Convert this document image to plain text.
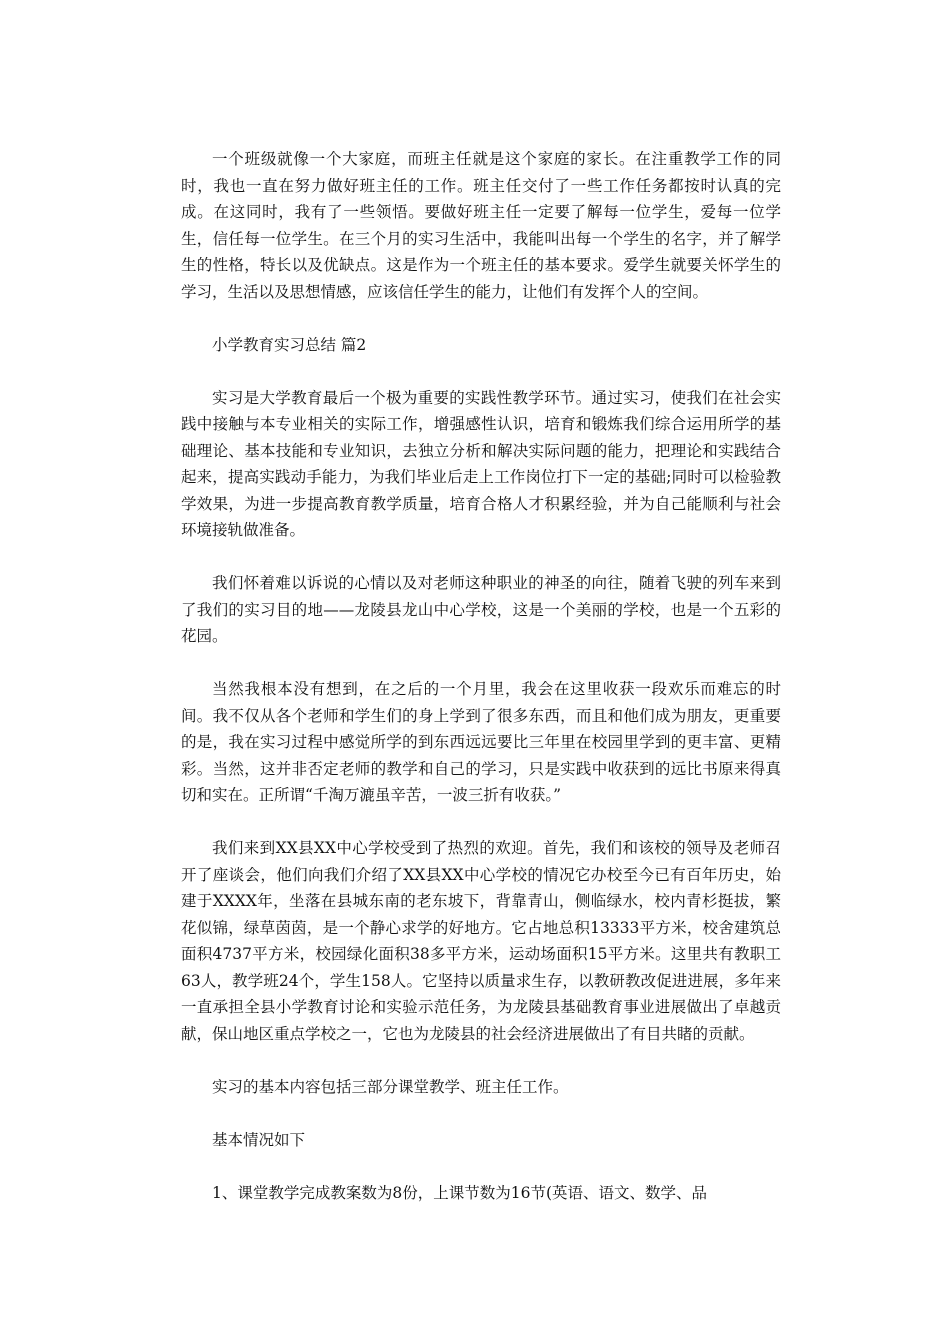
一个班级就像一个大家庭，而班主任就是这个家庭的家长。在注重教学工作的同时，我也一直在努力做好班主任的工作。班主任交付了一些工作任务都按时认真的完成。在这同时，我有了一些领悟。要做好班主任一定要了解每一位学生，爱每一位学生，信任每一位学生。在三个月的实习生活中，我能叫出每一个学生的名字，并了解学生的性格，特长以及优缺点。这是作为一个班主任的基本要求。爱学生就要关怀学生的学习，生活以及思想情感，应该信任学生的能力，让他们有发挥个人的空间。

小学教育实习总结 篇2

实习是大学教育最后一个极为重要的实践性教学环节。通过实习，使我们在社会实践中接触与本专业相关的实际工作，增强感性认识，培育和锻炼我们综合运用所学的基础理论、基本技能和专业知识，去独立分析和解决实际问题的能力，把理论和实践结合起来，提高实践动手能力，为我们毕业后走上工作岗位打下一定的基础;同时可以检验教学效果，为进一步提高教育教学质量，培育合格人才积累经验，并为自己能顺利与社会环境接轨做准备。

我们怀着难以诉说的心情以及对老师这种职业的神圣的向往，随着飞驶的列车来到了我们的实习目的地——龙陵县龙山中心学校，这是一个美丽的学校，也是一个五彩的花园。

当然我根本没有想到，在之后的一个月里，我会在这里收获一段欢乐而难忘的时间。我不仅从各个老师和学生们的身上学到了很多东西，而且和他们成为朋友，更重要的是，我在实习过程中感觉所学的到东西远远要比三年里在校园里学到的更丰富、更精彩。当然，这并非否定老师的教学和自己的学习，只是实践中收获到的远比书原来得真切和实在。正所谓“千淘万漉虽辛苦，一波三折有收获。”

我们来到XX县XX中心学校受到了热烈的欢迎。首先，我们和该校的领导及老师召开了座谈会，他们向我们介绍了XX县XX中心学校的情况它办校至今已有百年历史，始建于XXXX年，坐落在县城东南的老东坡下，背靠青山，侧临绿水，校内青杉挺拔，繁花似锦，绿草茵茵，是一个静心求学的好地方。它占地总积13333平方米，校舍建筑总面积4737平方米，校园绿化面积38多平方米，运动场面积15平方米。这里共有教职工63人，教学班24个，学生158人。它坚持以质量求生存，以教研教改促进进展，多年来一直承担全县小学教育讨论和实验示范任务，为龙陵县基础教育事业进展做出了卓越贡献，保山地区重点学校之一，它也为龙陵县的社会经济进展做出了有目共睹的贡献。

实习的基本内容包括三部分课堂教学、班主任工作。

基本情况如下

1、课堂教学完成教案数为8份，上课节数为16节(英语、语文、数学、品
